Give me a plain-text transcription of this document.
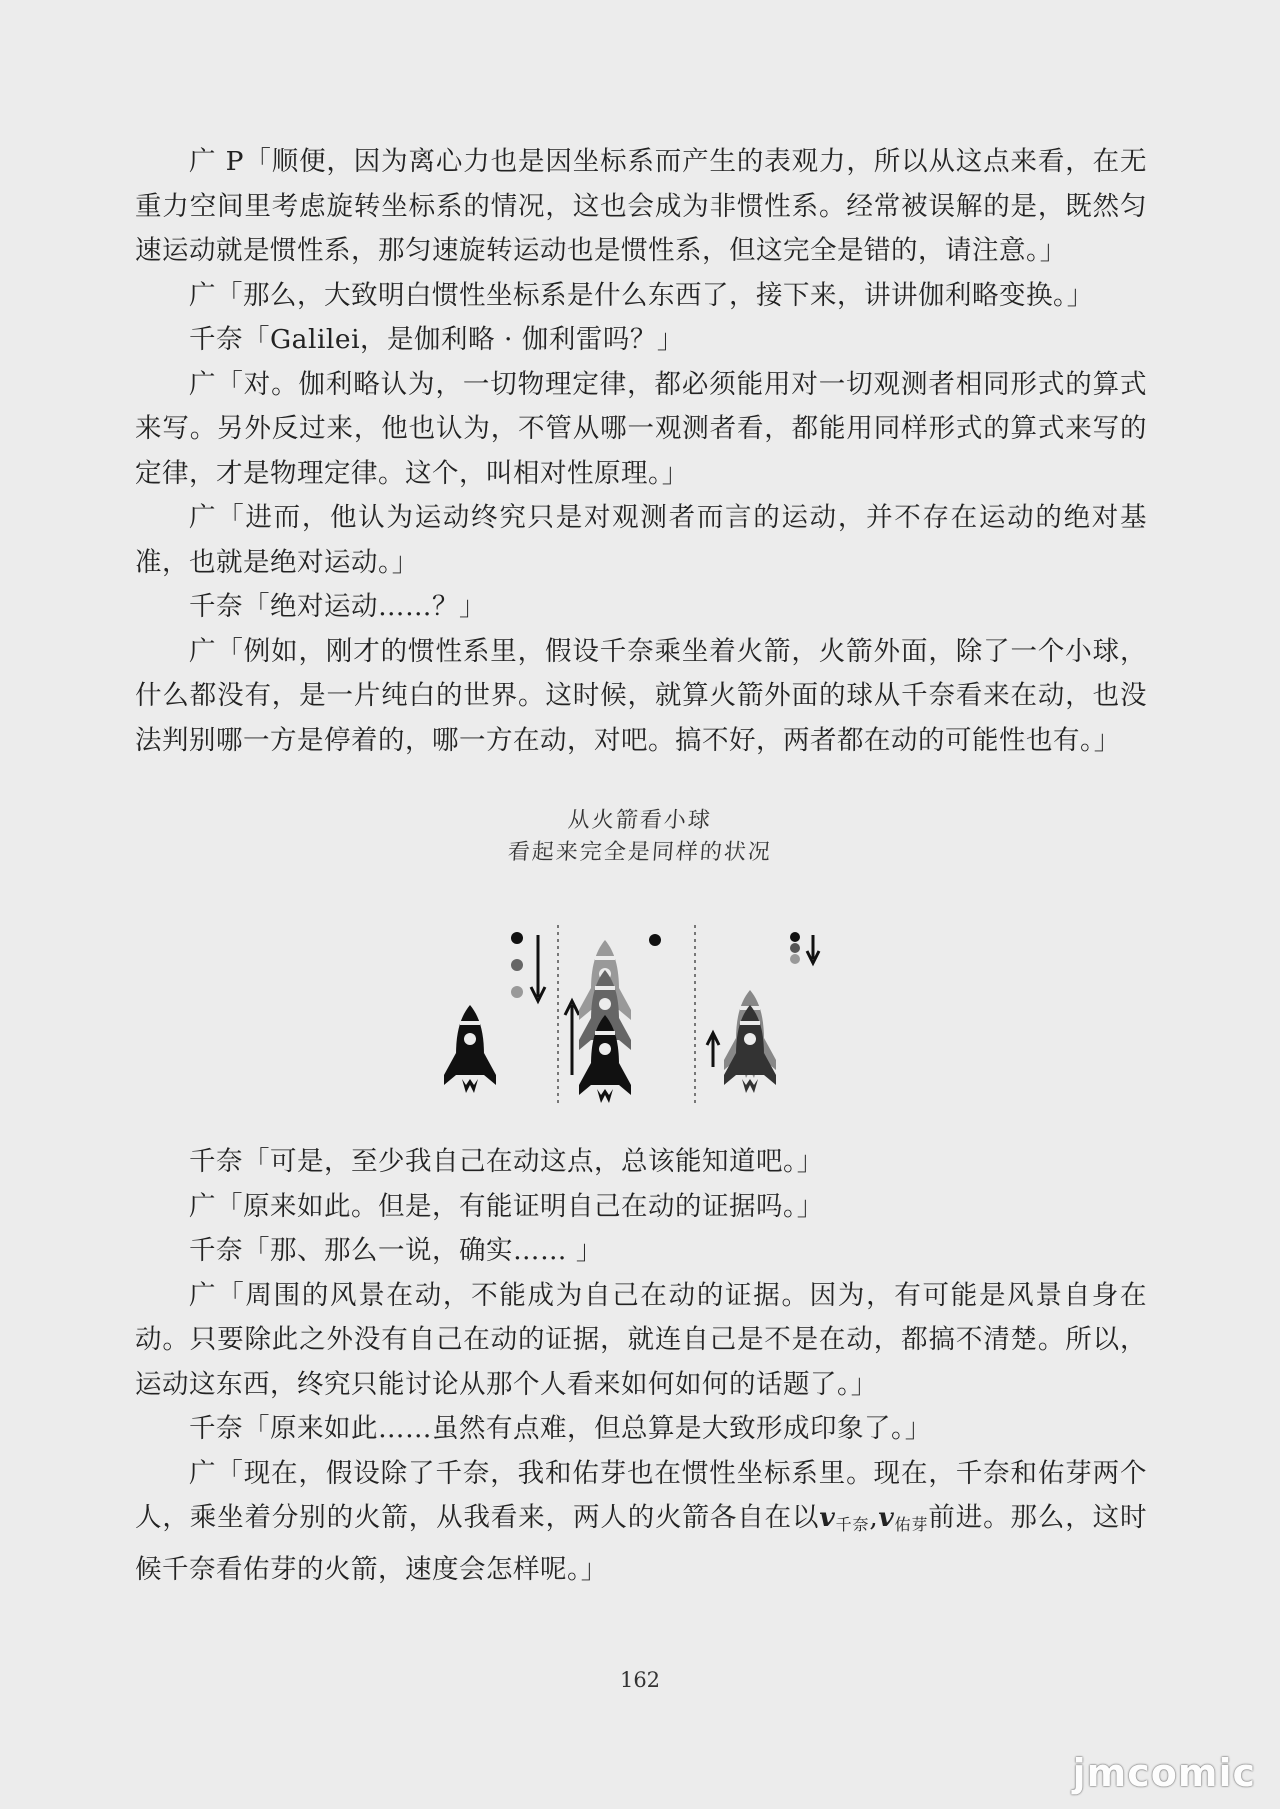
广 P「顺便，因为离心力也是因坐标系而产生的表观力，所以从这点来看，在无重力空间里考虑旋转坐标系的情况，这也会成为非惯性系。经常被误解的是，既然匀速运动就是惯性系，那匀速旋转运动也是惯性系，但这完全是错的，请注意。」

广「那么，大致明白惯性坐标系是什么东西了，接下来，讲讲伽利略变换。」

千奈「Galilei，是伽利略 · 伽利雷吗？」

广「对。伽利略认为，一切物理定律，都必须能用对一切观测者相同形式的算式来写。另外反过来，他也认为，不管从哪一观测者看，都能用同样形式的算式来写的定律，才是物理定律。这个，叫相对性原理。」

广「进而，他认为运动终究只是对观测者而言的运动，并不存在运动的绝对基准，也就是绝对运动。」

千奈「绝对运动……？」

广「例如，刚才的惯性系里，假设千奈乘坐着火箭，火箭外面，除了一个小球，什么都没有，是一片纯白的世界。这时候，就算火箭外面的球从千奈看来在动，也没法判别哪一方是停着的，哪一方在动，对吧。搞不好，两者都在动的可能性也有。」

从火箭看小球
看起来完全是同样的状况

千奈「可是，至少我自己在动这点，总该能知道吧。」

广「原来如此。但是，有能证明自己在动的证据吗。」

千奈「那、那么一说，确实…… 」

广「周围的风景在动，不能成为自己在动的证据。因为，有可能是风景自身在动。只要除此之外没有自己在动的证据，就连自己是不是在动，都搞不清楚。所以，运动这东西，终究只能讨论从那个人看来如何如何的话题了。」

千奈「原来如此……虽然有点难，但总算是大致形成印象了。」

广「现在，假设除了千奈，我和佑芽也在惯性坐标系里。现在，千奈和佑芽两个人，乘坐着分别的火箭，从我看来，两人的火箭各自在以$v_{千奈},v_{佑芽}$前进。那么，这时候千奈看佑芽的火箭，速度会怎样呢。」

162
jmcomic
